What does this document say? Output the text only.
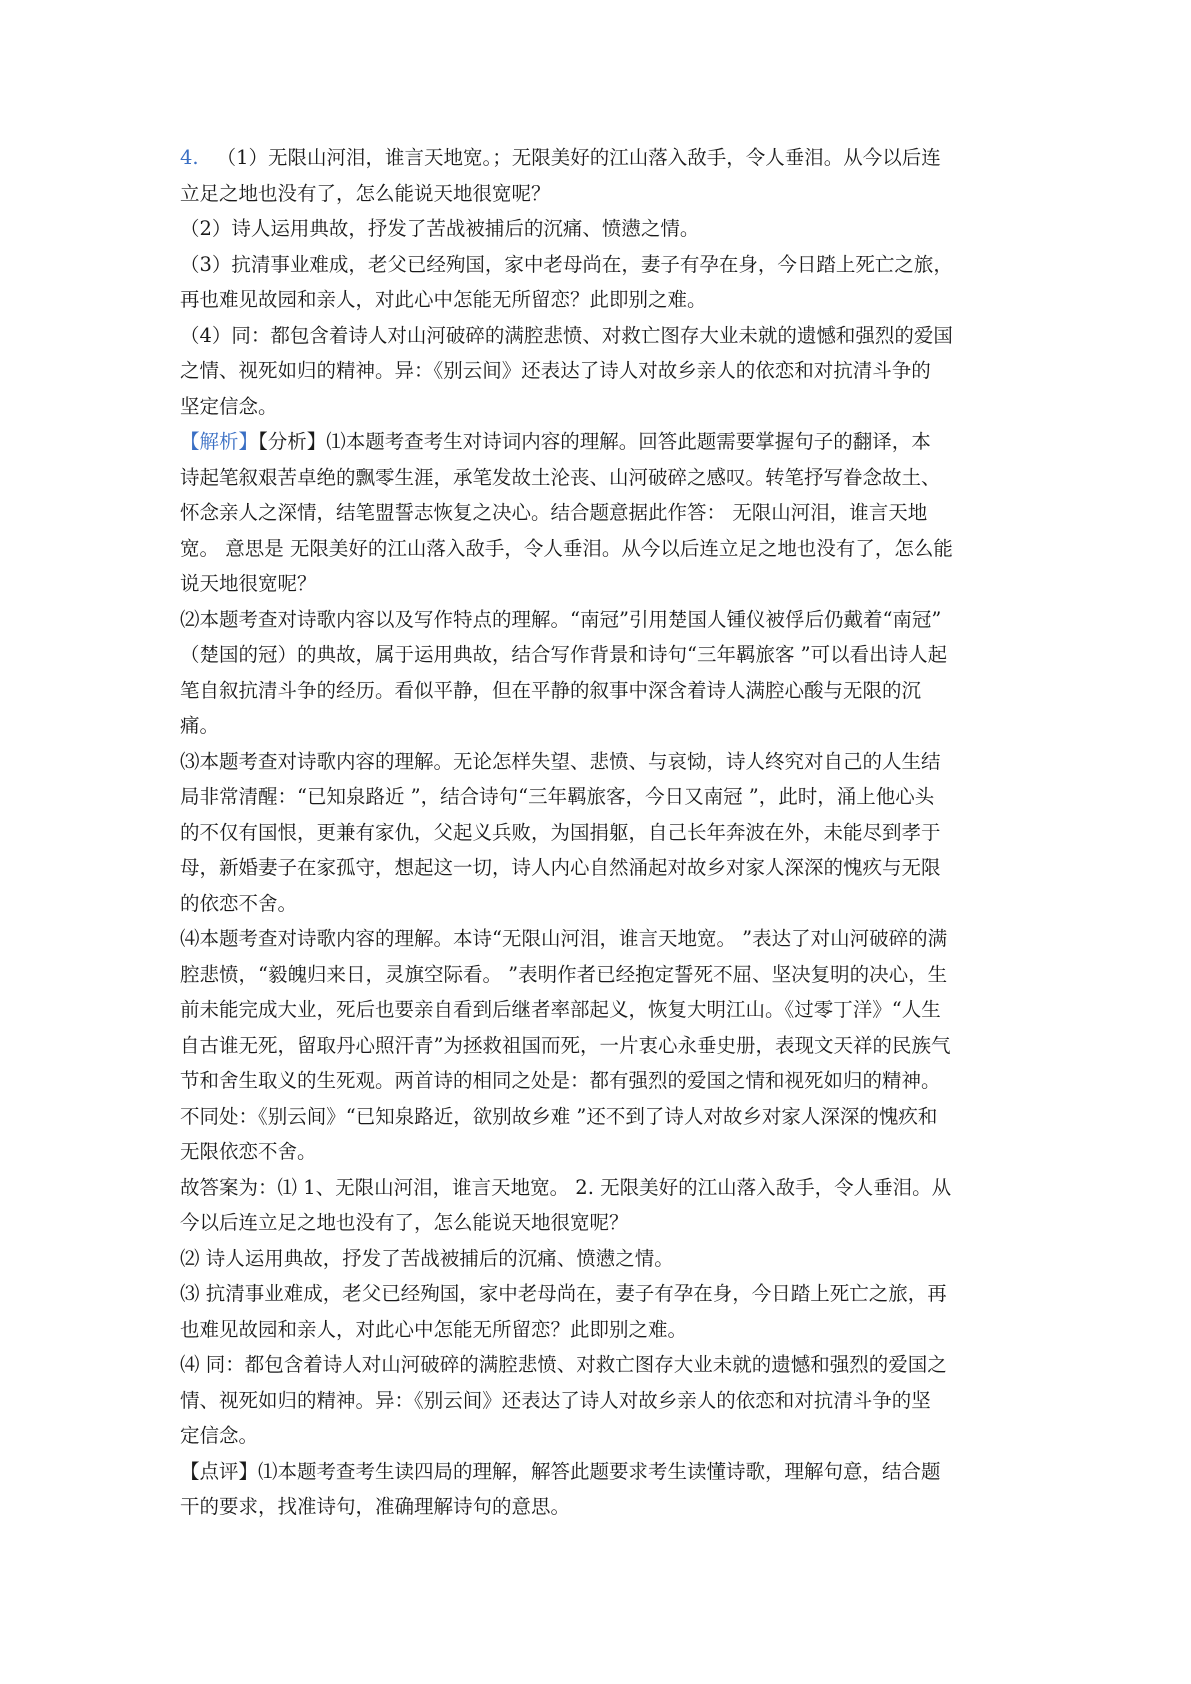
4. （1）无限山河泪，谁言天地宽。；无限美好的江山落入敌手，令人垂泪。从今以后连
立足之地也没有了，怎么能说天地很宽呢？
（2）诗人运用典故，抒发了苦战被捕后的沉痛、愤懑之情。
（3）抗清事业难成，老父已经殉国，家中老母尚在，妻子有孕在身，今日踏上死亡之旅，
再也难见故园和亲人，对此心中怎能无所留恋？此即别之难。
（4）同：都包含着诗人对山河破碎的满腔悲愤、对救亡图存大业未就的遗憾和强烈的爱国
之情、视死如归的精神。异：《别云间》还表达了诗人对故乡亲人的依恋和对抗清斗争的
坚定信念。
【解析】【分析】⑴本题考查考生对诗词内容的理解。回答此题需要掌握句子的翻译，本
诗起笔叙艰苦卓绝的飘零生涯，承笔发故土沦丧、山河破碎之感叹。转笔抒写眷念故土、
怀念亲人之深情，结笔盟誓志恢复之决心。结合题意据此作答： 无限山河泪，谁言天地
宽。 意思是 无限美好的江山落入敌手，令人垂泪。从今以后连立足之地也没有了，怎么能
说天地很宽呢？
⑵本题考查对诗歌内容以及写作特点的理解。“南冠”引用楚国人锺仪被俘后仍戴着“南冠”
（楚国的冠）的典故，属于运用典故，结合写作背景和诗句“三年羁旅客 ”可以看出诗人起
笔自叙抗清斗争的经历。看似平静，但在平静的叙事中深含着诗人满腔心酸与无限的沉
痛。
⑶本题考查对诗歌内容的理解。无论怎样失望、悲愤、与哀恸，诗人终究对自己的人生结
局非常清醒：“已知泉路近 ”，结合诗句“三年羁旅客，今日又南冠 ”，此时，涌上他心头
的不仅有国恨，更兼有家仇，父起义兵败，为国捐躯，自己长年奔波在外，未能尽到孝于
母，新婚妻子在家孤守，想起这一切，诗人内心自然涌起对故乡对家人深深的愧疚与无限
的依恋不舍。
⑷本题考查对诗歌内容的理解。本诗“无限山河泪，谁言天地宽。 ”表达了对山河破碎的满
腔悲愤，“毅魄归来日，灵旗空际看。 ”表明作者已经抱定誓死不屈、坚决复明的决心，生
前未能完成大业，死后也要亲自看到后继者率部起义，恢复大明江山。《过零丁洋》“人生
自古谁无死，留取丹心照汗青”为拯救祖国而死，一片衷心永垂史册，表现文天祥的民族气
节和舍生取义的生死观。两首诗的相同之处是：都有强烈的爱国之情和视死如归的精神。
不同处：《别云间》“已知泉路近，欲别故乡难 ”还不到了诗人对故乡对家人深深的愧疚和
无限依恋不舍。
故答案为：⑴ 1、无限山河泪，谁言天地宽。 2. 无限美好的江山落入敌手，令人垂泪。从
今以后连立足之地也没有了，怎么能说天地很宽呢？
⑵ 诗人运用典故，抒发了苦战被捕后的沉痛、愤懑之情。
⑶ 抗清事业难成，老父已经殉国，家中老母尚在，妻子有孕在身，今日踏上死亡之旅，再
也难见故园和亲人，对此心中怎能无所留恋？此即别之难。
⑷ 同：都包含着诗人对山河破碎的满腔悲愤、对救亡图存大业未就的遗憾和强烈的爱国之
情、视死如归的精神。异：《别云间》还表达了诗人对故乡亲人的依恋和对抗清斗争的坚
定信念。
【点评】⑴本题考查考生读四局的理解，解答此题要求考生读懂诗歌，理解句意，结合题
干的要求，找准诗句，准确理解诗句的意思。
